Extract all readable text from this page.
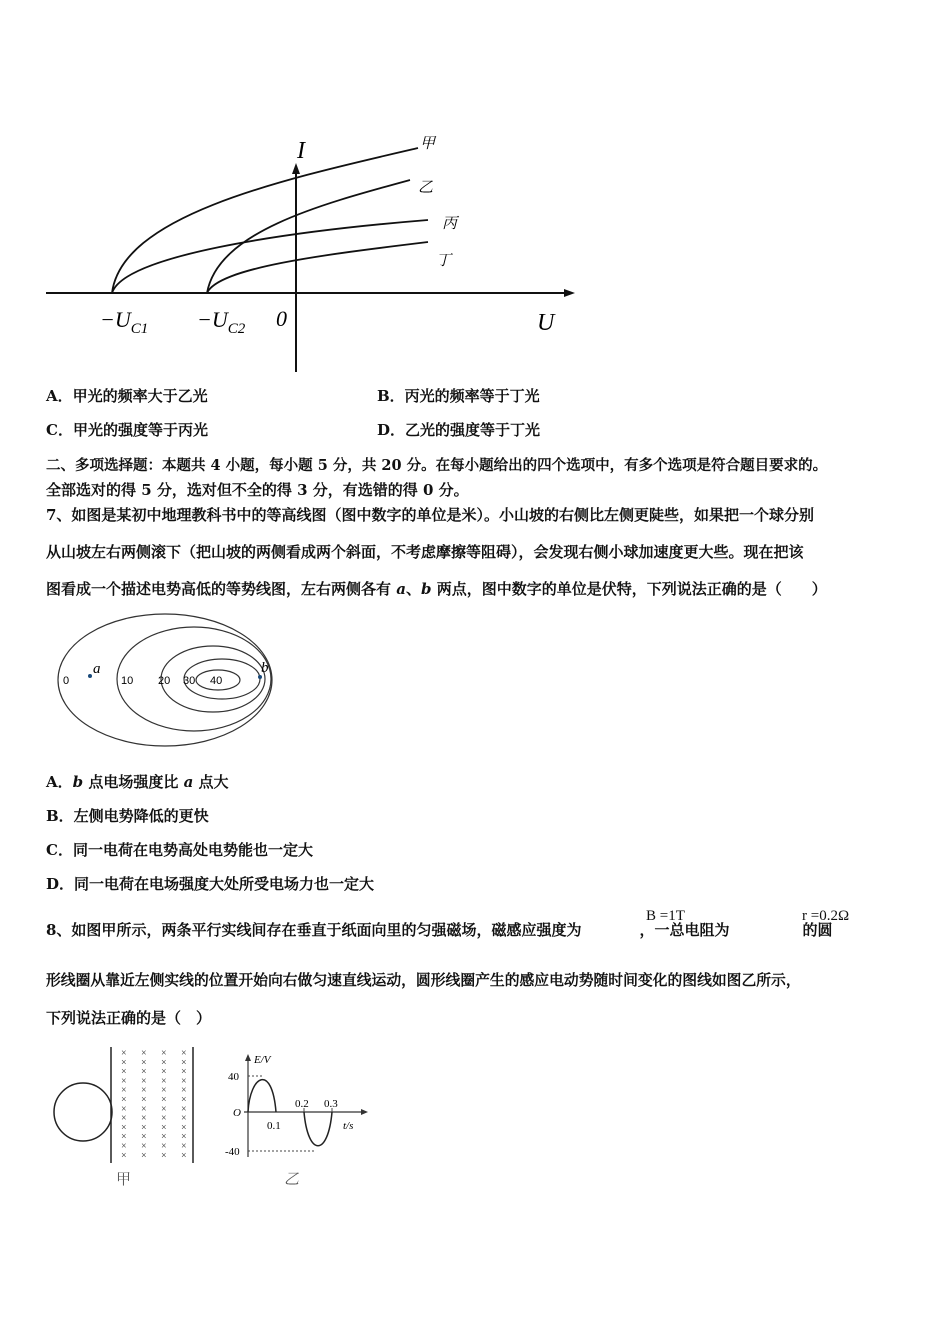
I
U
0
$-U_{C1} -U_{C2}$
甲
乙
丙
丁
A．甲光的频率大于乙光	B．丙光的频率等于丁光
C．甲光的强度等于丙光	D．乙光的强度等于丁光
二、多项选择题：本题共 4 小题，每小题 5 分，共 20 分。在每小题给出的四个选项中，有多个选项是符合题目要求的。
全部选对的得 5 分，选对但不全的得 3 分，有选错的得 0 分。
7、如图是某初中地理教科书中的等高线图（图中数字的单位是米）。小山坡的右侧比左侧更陡些，如果把一个球分别
从山坡左右两侧滚下（把山坡的两侧看成两个斜面，不考虑摩擦等阻碍），会发现右侧小球加速度更大些。现在把该
图看成一个描述电势高低的等势线图，左右两侧各有 a、b 两点，图中数字的单位是伏特，下列说法正确的是（　　）
0	10 20 30 40
a	b
A．b 点电场强度比 a 点大
B．左侧电势降低的更快
C．同一电荷在电势高处电势能也一定大
D．同一电荷在电场强度大处所受电场力也一定大
8、如图甲所示，两条平行实线间存在垂直于纸面向里的匀强磁场，磁感应强度为	，一总电阻为	的圆
B =1T	r =0.2Ω
形线圈从靠近左侧实线的位置开始向右做匀速直线运动，圆形线圈产生的感应电动势随时间变化的图线如图乙所示，
下列说法正确的是（　）
× × × ×
× × × ×
× × × ×
× × × ×
× × × ×
× × × ×
× × × ×
× × × ×
× × × ×
× × × ×
× × × ×
× × × ×
甲
E/V
t/s
O
40
-40
0.1
0.2 0.3
乙
